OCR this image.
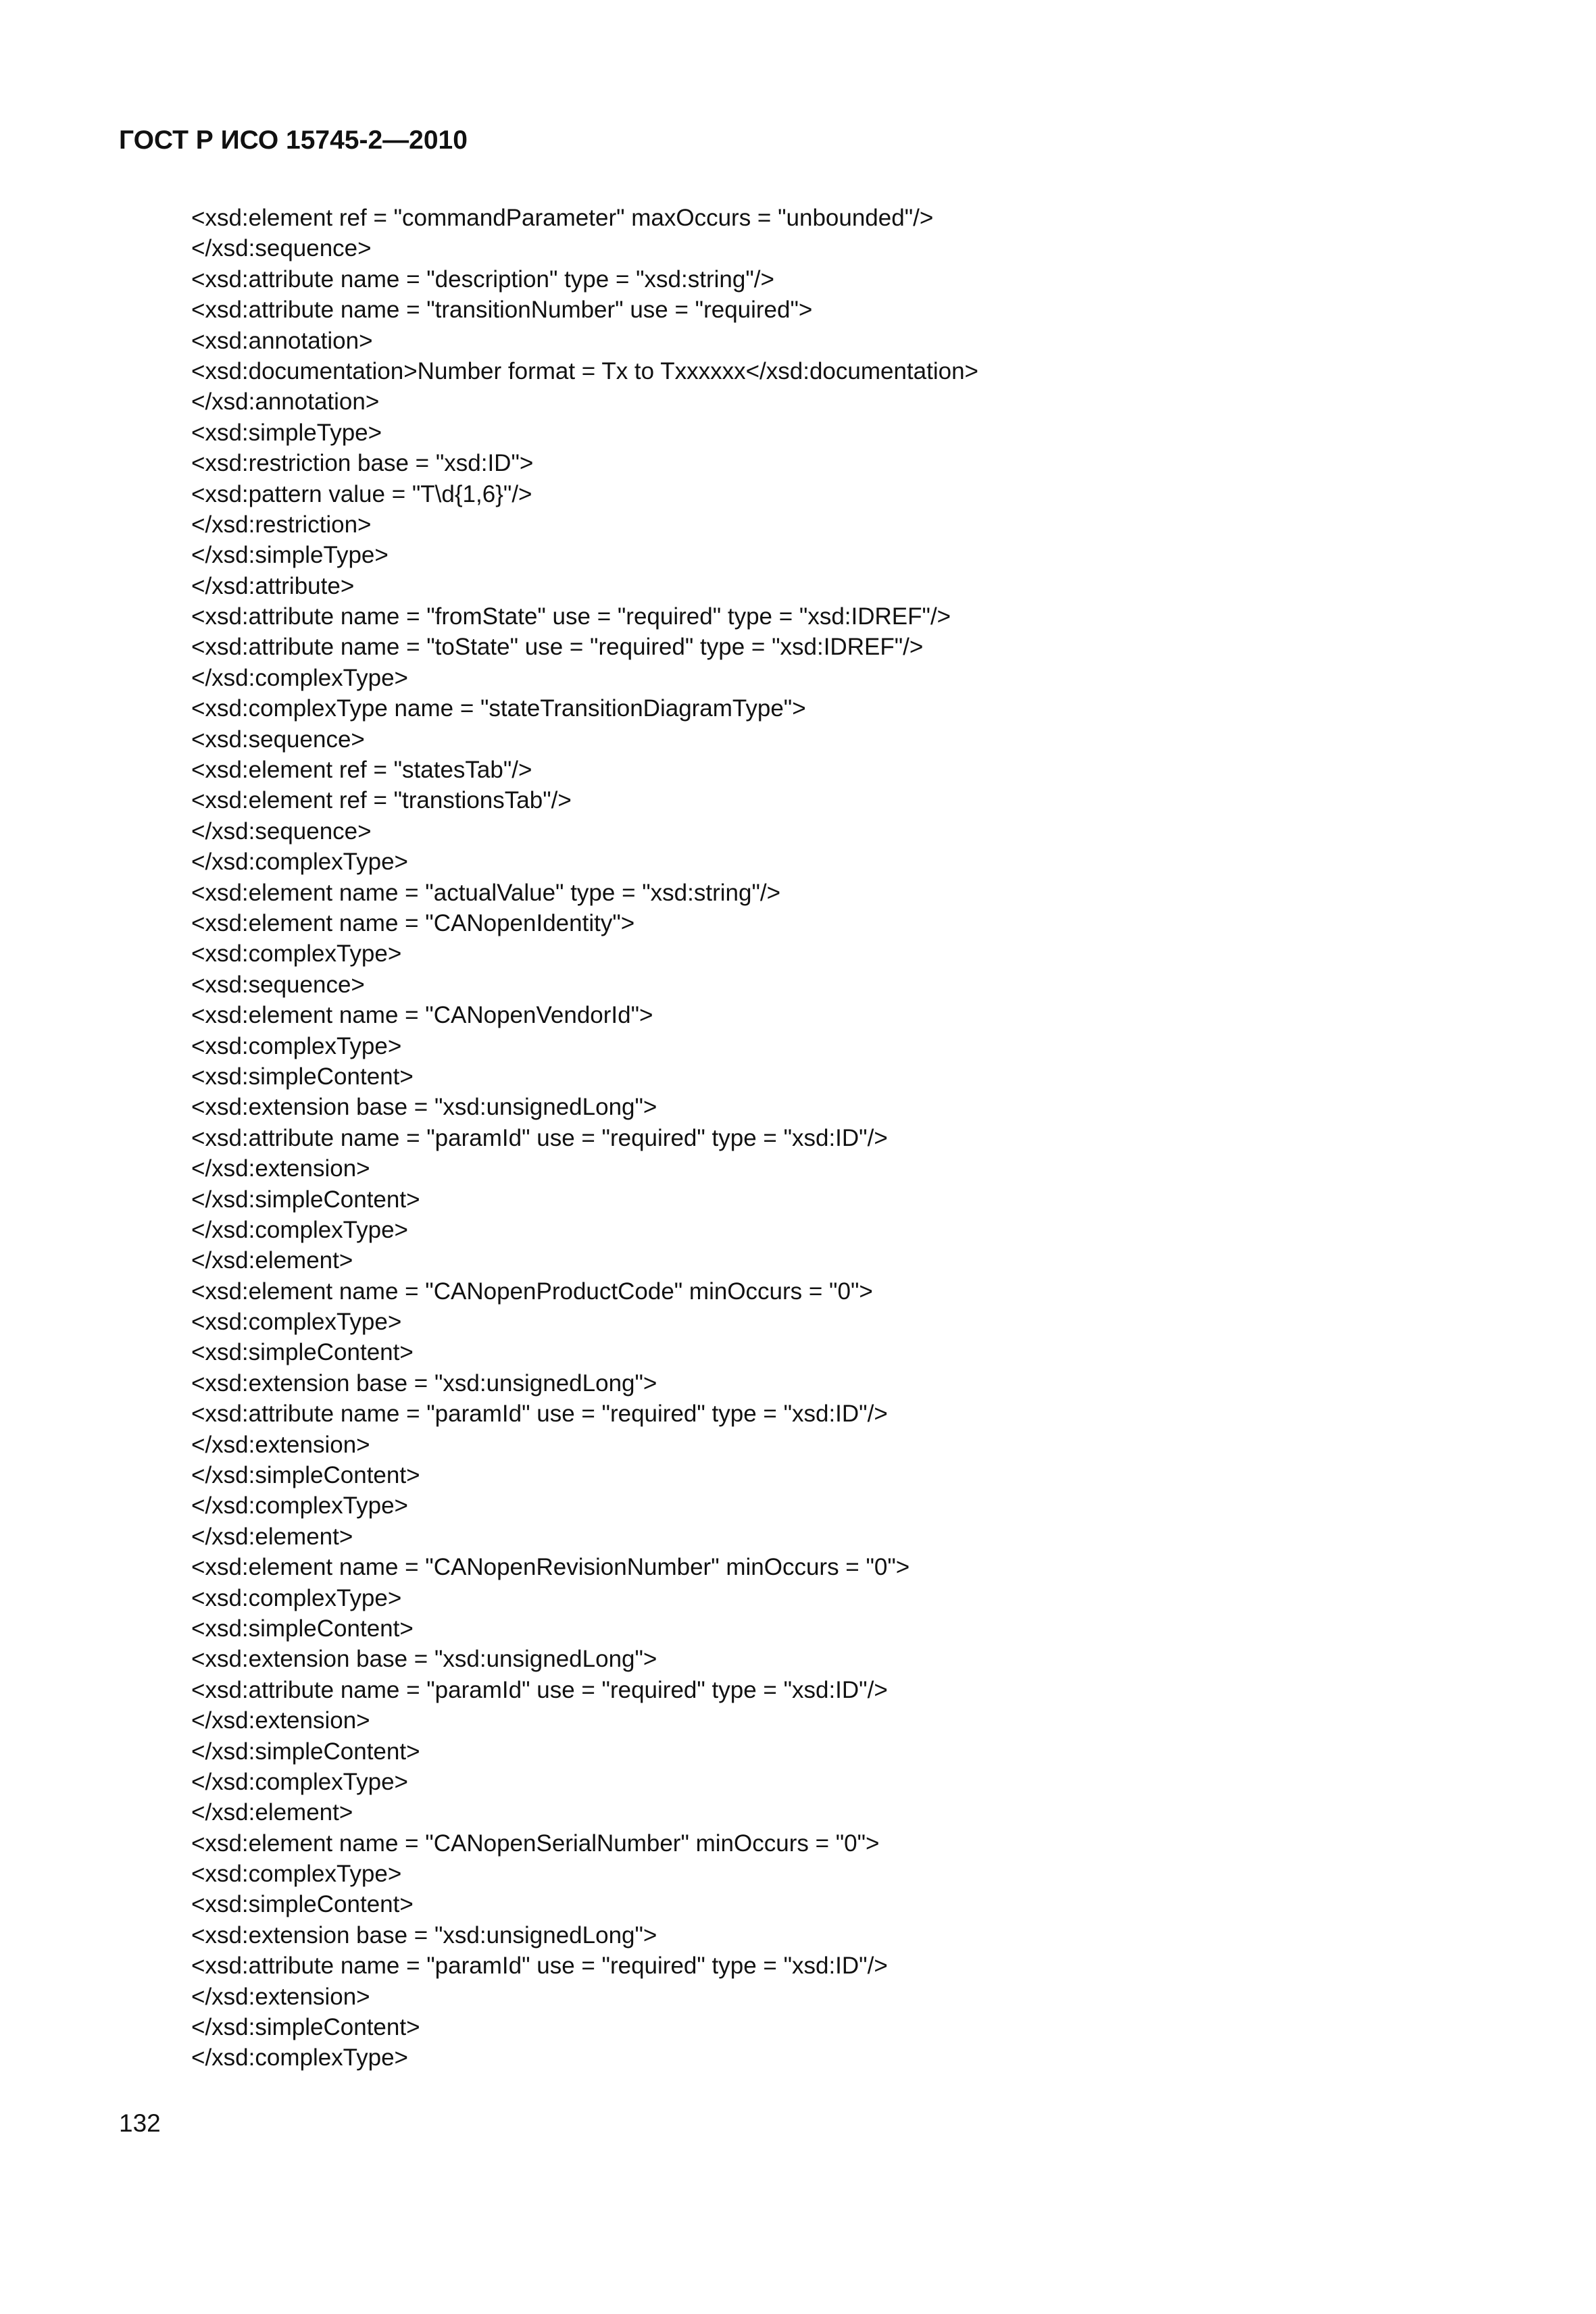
ГОСТ Р ИСО 15745-2—2010
<xsd:element ref = "commandParameter" maxOccurs = "unbounded"/>
</xsd:sequence>
<xsd:attribute name = "description" type = "xsd:string"/>
<xsd:attribute name = "transitionNumber" use = "required">
<xsd:annotation>
<xsd:documentation>Number format = Tx to Txxxxxx</xsd:documentation>
</xsd:annotation>
<xsd:simpleType>
<xsd:restriction base = "xsd:ID">
<xsd:pattern value = "T\d{1,6}"/>
</xsd:restriction>
</xsd:simpleType>
</xsd:attribute>
<xsd:attribute name = "fromState" use = "required" type = "xsd:IDREF"/>
<xsd:attribute name = "toState" use = "required" type = "xsd:IDREF"/>
</xsd:complexType>
<xsd:complexType name = "stateTransitionDiagramType">
<xsd:sequence>
<xsd:element ref = "statesTab"/>
<xsd:element ref = "transtionsTab"/>
</xsd:sequence>
</xsd:complexType>
<xsd:element name = "actualValue" type = "xsd:string"/>
<xsd:element name = "CANopenIdentity">
<xsd:complexType>
<xsd:sequence>
<xsd:element name = "CANopenVendorId">
<xsd:complexType>
<xsd:simpleContent>
<xsd:extension base = "xsd:unsignedLong">
<xsd:attribute name = "paramId" use = "required" type = "xsd:ID"/>
</xsd:extension>
</xsd:simpleContent>
</xsd:complexType>
</xsd:element>
<xsd:element name = "CANopenProductCode" minOccurs = "0">
<xsd:complexType>
<xsd:simpleContent>
<xsd:extension base = "xsd:unsignedLong">
<xsd:attribute name = "paramId" use = "required" type = "xsd:ID"/>
</xsd:extension>
</xsd:simpleContent>
</xsd:complexType>
</xsd:element>
<xsd:element name = "CANopenRevisionNumber" minOccurs = "0">
<xsd:complexType>
<xsd:simpleContent>
<xsd:extension base = "xsd:unsignedLong">
<xsd:attribute name = "paramId" use = "required" type = "xsd:ID"/>
</xsd:extension>
</xsd:simpleContent>
</xsd:complexType>
</xsd:element>
<xsd:element name = "CANopenSerialNumber" minOccurs = "0">
<xsd:complexType>
<xsd:simpleContent>
<xsd:extension base = "xsd:unsignedLong">
<xsd:attribute name = "paramId" use = "required" type = "xsd:ID"/>
</xsd:extension>
</xsd:simpleContent>
</xsd:complexType>
132
